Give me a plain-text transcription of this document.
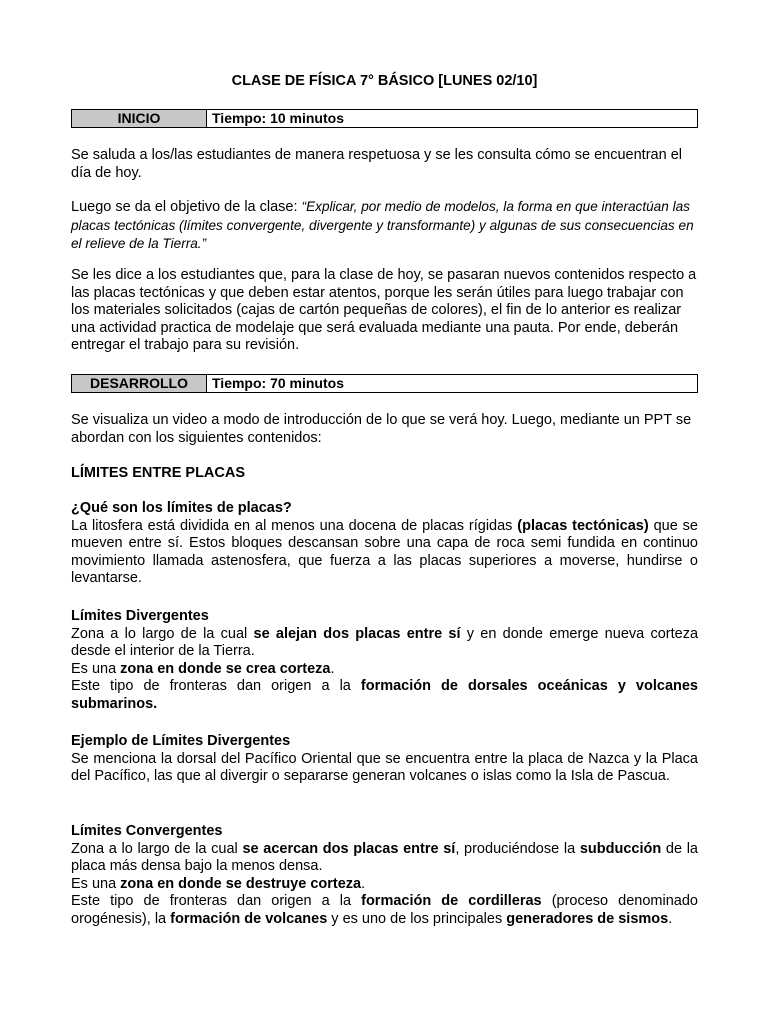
CLASE DE FÍSICA 7° BÁSICO [LUNES 02/10]
INICIO	Tiempo: 10 minutos

Se saluda a los/las estudiantes de manera respetuosa y se les consulta cómo se encuentran el día de hoy.

Luego se da el objetivo de la clase: “Explicar, por medio de modelos, la forma en que interactúan las placas tectónicas (límites convergente, divergente y transformante) y algunas de sus consecuencias en el relieve de la Tierra.”

Se les dice a los estudiantes que, para la clase de hoy, se pasaran nuevos contenidos respecto a las placas tectónicas y que deben estar atentos, porque les serán útiles para luego trabajar con los materiales solicitados (cajas de cartón pequeñas de colores), el fin de lo anterior es realizar una actividad practica de modelaje que será evaluada mediante una pauta. Por ende, deberán entregar el trabajo para su revisión.

DESARROLLO	Tiempo: 70 minutos

Se visualiza un video a modo de introducción de lo que se verá hoy. Luego, mediante un PPT se abordan con los siguientes contenidos:

LÍMITES ENTRE PLACAS

¿Qué son los límites de placas?

La litosfera está dividida en al menos una docena de placas rígidas (placas tectónicas) que se mueven entre sí. Estos bloques descansan sobre una capa de roca semi fundida en continuo movimiento llamada astenosfera, que fuerza a las placas superiores a moverse, hundirse o levantarse.

Límites Divergentes

Zona a lo largo de la cual se alejan dos placas entre sí y en donde emerge nueva corteza desde el interior de la Tierra.

Es una zona en donde se crea corteza.

Este tipo de fronteras dan origen a la formación de dorsales oceánicas y volcanes submarinos.

Ejemplo de Límites Divergentes

Se menciona la dorsal del Pacífico Oriental que se encuentra entre la placa de Nazca y la Placa del Pacífico, las que al divergir o separarse generan volcanes o islas como la Isla de Pascua.

Límites Convergentes

Zona a lo largo de la cual se acercan dos placas entre sí, produciéndose la subducción de la placa más densa bajo la menos densa.

Es una zona en donde se destruye corteza.

Este tipo de fronteras dan origen a la formación de cordilleras (proceso denominado orogénesis), la formación de volcanes y es uno de los principales generadores de sismos.
